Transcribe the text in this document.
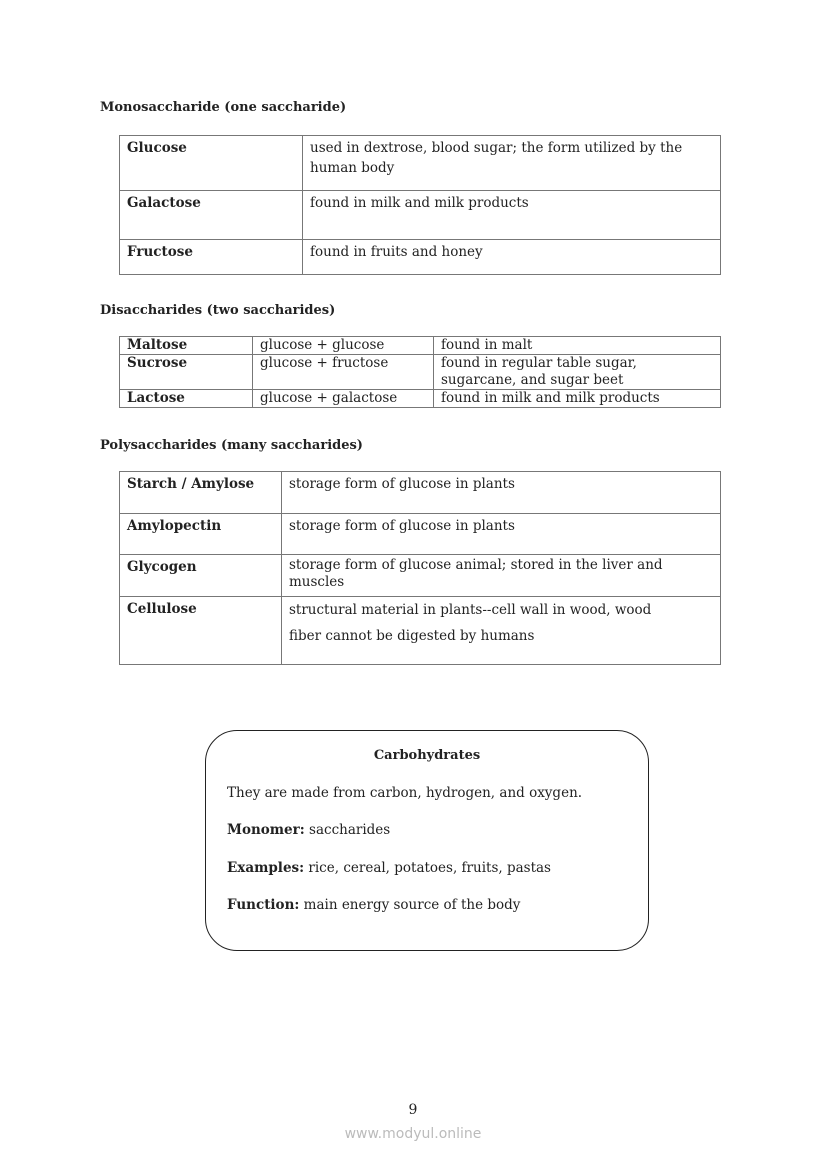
Monosaccharide (one saccharide)
Glucose	used in dextrose, blood sugar; the form utilized by the human body
Galactose	found in milk and milk products
Fructose	found in fruits and honey
Disaccharides (two saccharides)
Maltose	glucose + glucose	found in malt
Sucrose	glucose + fructose	found in regular table sugar, sugarcane, and sugar beet
Lactose	glucose + galactose	found in milk and milk products
Polysaccharides (many saccharides)
Starch / Amylose	storage form of glucose in plants
Amylopectin	storage form of glucose in plants
Glycogen	storage form of glucose animal; stored in the liver and muscles
Cellulose	structural material in plants--cell wall in wood, wood
fiber cannot be digested by humans
Carbohydrates

They are made from carbon, hydrogen, and oxygen.

Monomer: saccharides

Examples: rice, cereal, potatoes, fruits, pastas

Function: main energy source of the body

9
www.modyul.online
